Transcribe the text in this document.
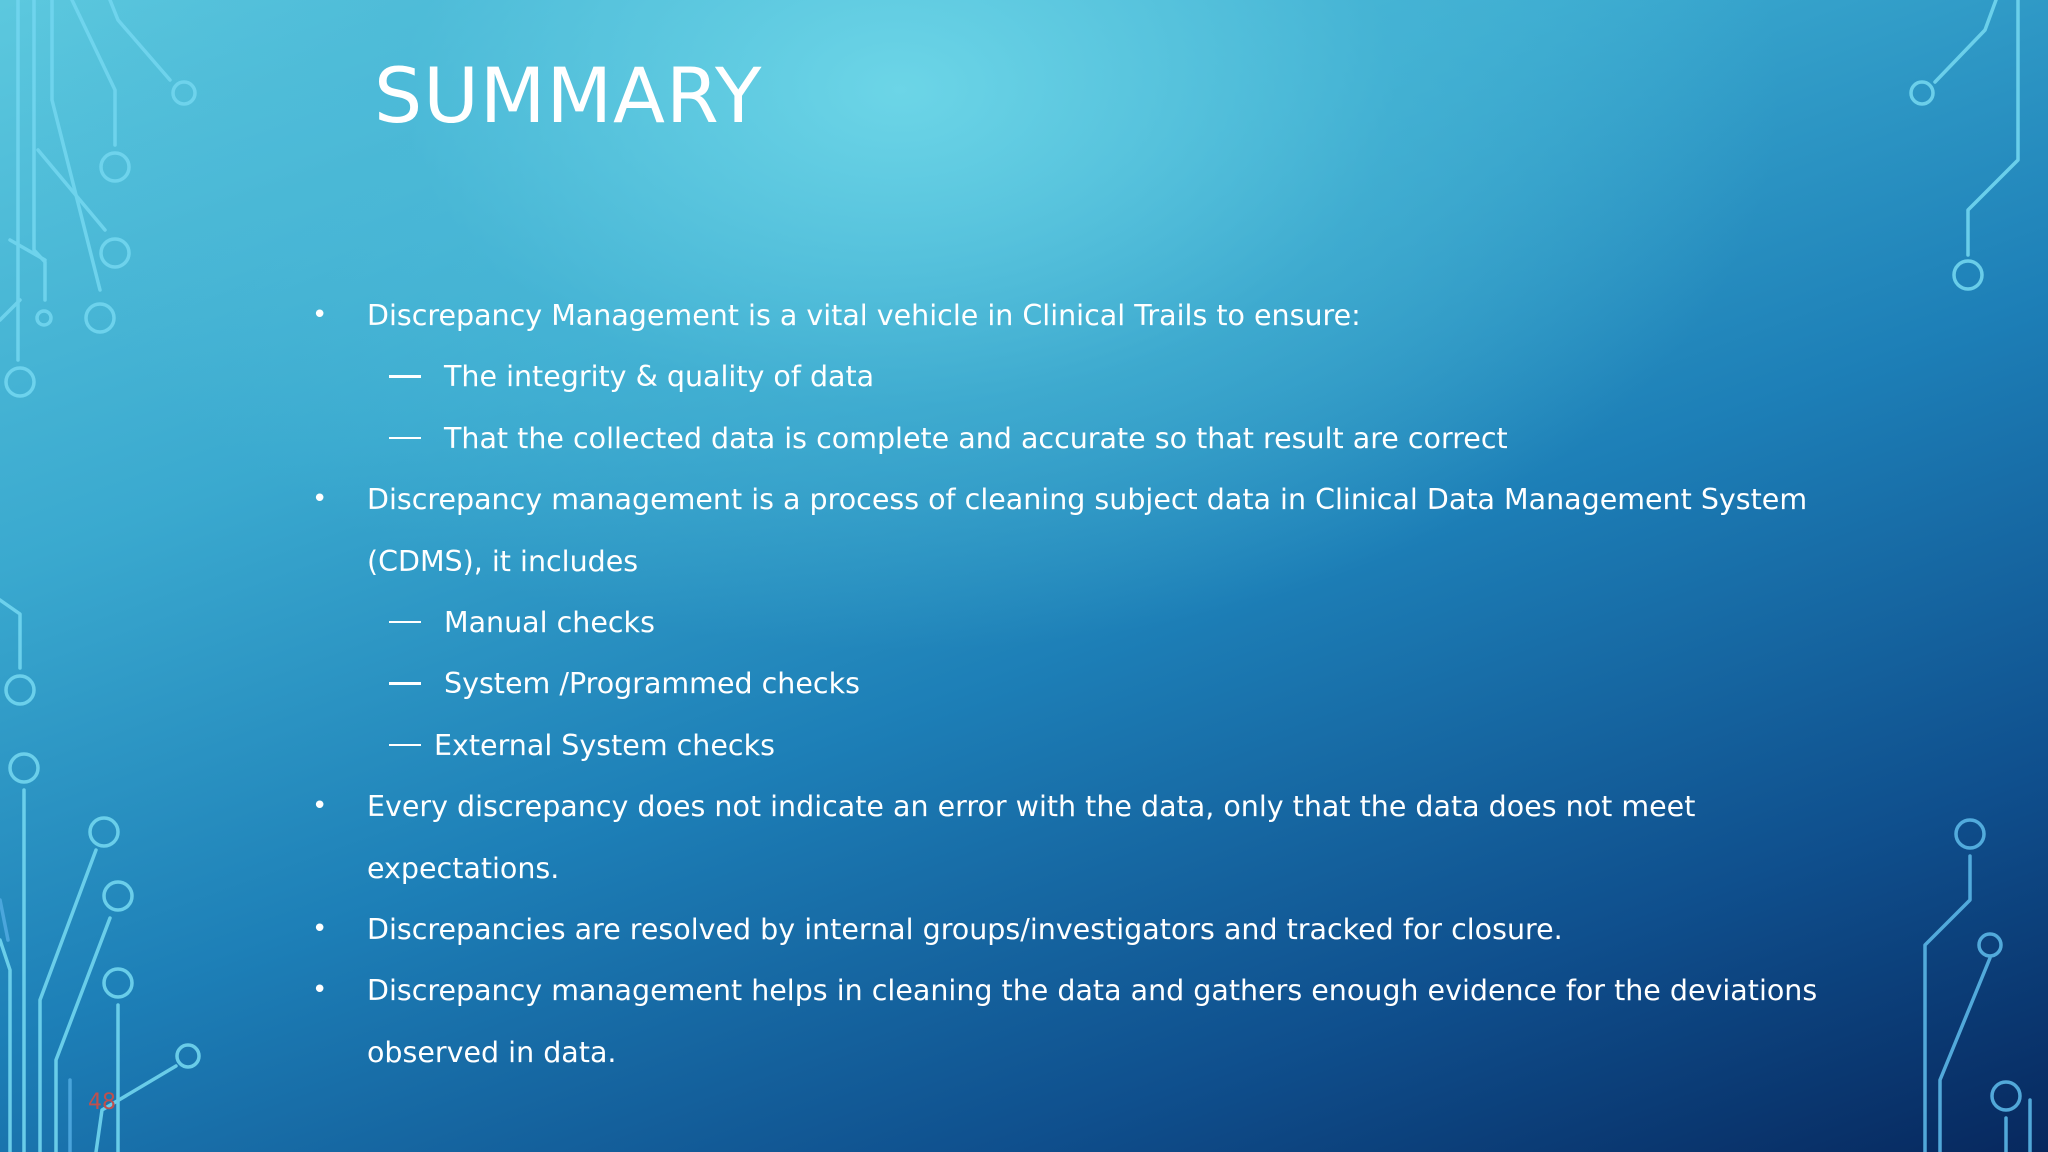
SUMMARY
• Discrepancy Management is a vital vehicle in Clinical Trails to ensure:
The integrity & quality of data
That the collected data is complete and accurate so that result are correct
• Discrepancy management is a process of cleaning subject data in Clinical Data Management System
(CDMS), it includes
Manual checks
System /Programmed checks
External System checks
• Every discrepancy does not indicate an error with the data, only that the data does not meet
expectations.
• Discrepancies are resolved by internal groups/investigators and tracked for closure.
• Discrepancy management helps in cleaning the data and gathers enough evidence for the deviations
observed in data.
48
